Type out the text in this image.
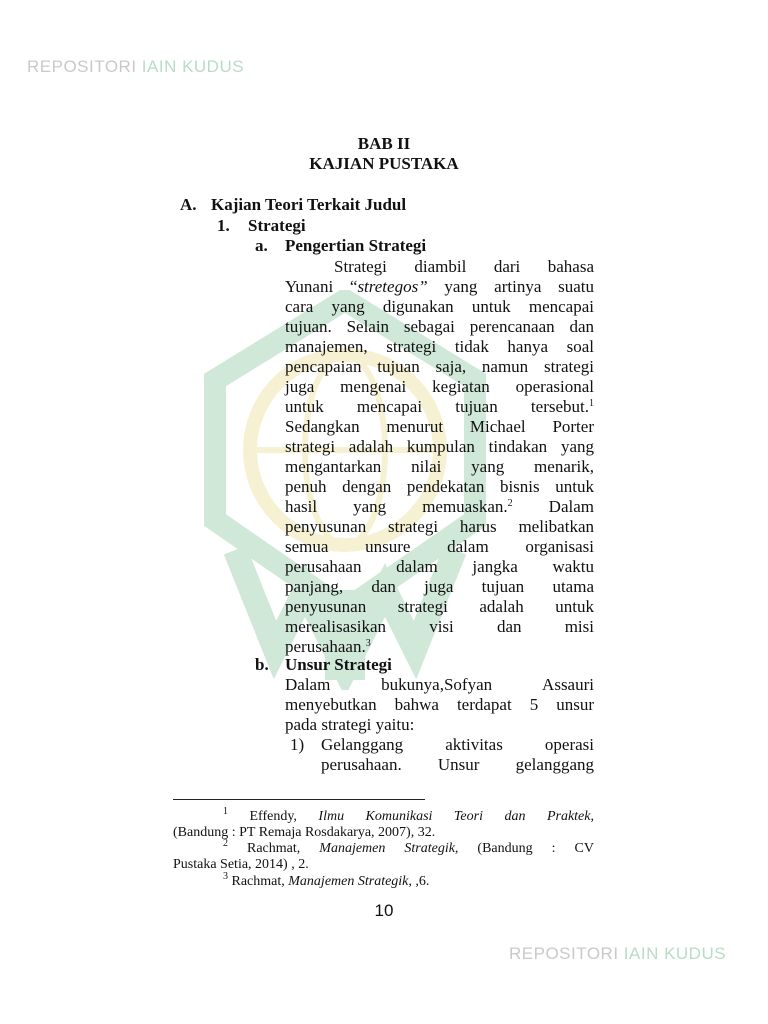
REPOSITORI IAIN KUDUS
BAB II
KAJIAN PUSTAKA
A. Kajian Teori Terkait Judul
1. Strategi
a. Pengertian Strategi
Strategi diambil dari bahasa
Yunani “stretegos” yang artinya suatu
cara yang digunakan untuk mencapai
tujuan. Selain sebagai perencanaan dan
manajemen, strategi tidak hanya soal
pencapaian tujuan saja, namun strategi
juga mengenai kegiatan operasional
untuk mencapai tujuan tersebut.$^1$
Sedangkan menurut Michael Porter
strategi adalah kumpulan tindakan yang
mengantarkan nilai yang menarik,
penuh dengan pendekatan bisnis untuk
hasil yang memuaskan.$^2$ Dalam
penyusunan strategi harus melibatkan
semua unsure dalam organisasi
perusahaan dalam jangka waktu
panjang, dan juga tujuan utama
penyusunan strategi adalah untuk
merealisasikan visi dan misi
perusahaan.$^3$
b. Unsur Strategi
Dalam bukunya,Sofyan Assauri
menyebutkan bahwa terdapat 5 unsur
pada strategi yaitu:
1) Gelanggang aktivitas operasi
perusahaan. Unsur gelanggang
$^1$ Effendy, Ilmu Komunikasi Teori dan Praktek,
(Bandung : PT Remaja Rosdakarya, 2007), 32.
$^2$ Rachmat, Manajemen Strategik, (Bandung : CV
Pustaka Setia, 2014) , 2.
$^3$ Rachmat, Manajemen Strategik, ,6.
10
REPOSITORI IAIN KUDUS
